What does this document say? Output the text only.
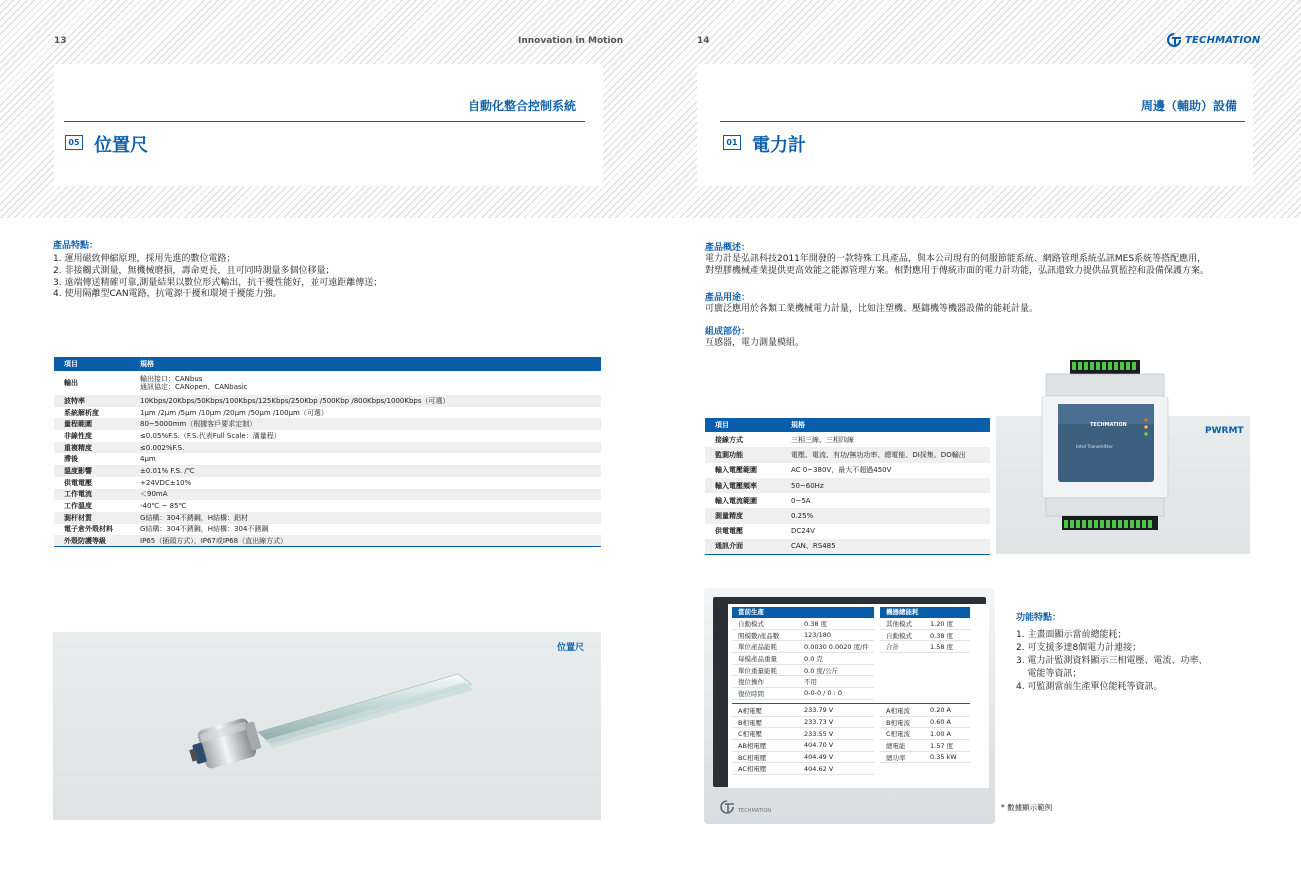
13	Innovation in Motion	14	TECHMATION
自動化整合控制系統
05 位置尺
周邊（輔助）設備
01 電力計
產品特點：
1. 運用磁致伸縮原理，採用先進的數位電路；
2. 非接觸式測量，無機械磨損，壽命更長，且可同時測量多個位移量；
3. 遠端傳送精確可靠,測量結果以數位形式輸出，抗干擾性能好，並可遠距離傳送；
4. 使用隔離型CAN電路，抗電源干擾和環境干擾能力強。
項目	規格
輸出	輸出接口：CANbus
通訊協定：CANopen、CANbasic

波特率	10Kbps/20Kbps/50Kbps/100Kbps/125Kbps/250Kbp /500Kbp /800Kbps/1000Kbps（可選）
系統解析度	1μm /2μm /5μm /10μm /20μm /50μm /100μm（可選）
量程範圍	80~5000mm（根據客戶要求定制）
非線性度	≤0.05%F.S.（F.S.代表Full Scale：滿量程）
重複精度	≤0.002%F.S.
滯後	4μm
溫度影響	±0.01% F.S. /℃
供電電壓	+24VDC±10%
工作電流	＜90mA
工作溫度	-40℃ ~ 85℃
測杆材質	G結構：304不銹鋼，H結構：鋁材
電子倉外殼材料	G結構：304不銹鋼，H結構：304不銹鋼
外殼防護等級	IP65（插頭方式），IP67或IP68（直出線方式）
位置尺
產品概述：
電力計是弘訊科技2011年開發的一款特殊工具產品，與本公司現有的伺服節能系統、網路管理系統弘訊MES系統等搭配應用，
對塑膠機械產業提供更高效能之能源管理方案。相對應用于傳統市面的電力計功能，弘訊還致力提供品質監控和設備保護方案。
產品用途：
可廣泛應用於各類工業機械電力計量，比如注塑機、壓鑄機等機器設備的能耗計量。
組成部份：
互感器，電力測量模組。
TECHMATION
Intel Transmitter
PWRMT
項目	規格
接線方式	三相三線、三相四線
監測功能	電壓、電流、有功/無功功率、總電能、DI採集、DO輸出
輸入電壓範圍	AC 0~380V，最大不超過450V
輸入電壓頻率	50~60Hz
輸入電流範圍	0~5A
測量精度	0.25%
供電電壓	DC24V
通訊介面	CAN、RS485
當前生產
自動模式	0.38 度
開模數/產品數	123/180
單位產品能耗	0.0030 0.0020 度/件
每模產品重量	0.0 克
單位重量能耗	0.0 度/公斤
復位操作	不用
復位時間	0-0-0 / 0 : 0
機器總能耗
其他模式	1.20 度
自動模式	0.38 度
合計	1.58 度
A相電壓	233.79 V
B相電壓	233.73 V
C相電壓	233.55 V
AB相電壓	404.70 V
BC相電壓	404.49 V
AC相電壓	404.62 V
A相電流	0.20 A
B相電流	0.60 A
C相電流	1.00 A
總電能	1.57 度
總功率	0.35 kW
TECHMATION
功能特點：
1. 主畫面顯示當前總能耗；
2. 可支援多達8個電力計連接；
3. 電力計監測資料顯示三相電壓、電流、功率、
電能等資訊；
4. 可監測當前生產單位能耗等資訊。
* 數據顯示範例
